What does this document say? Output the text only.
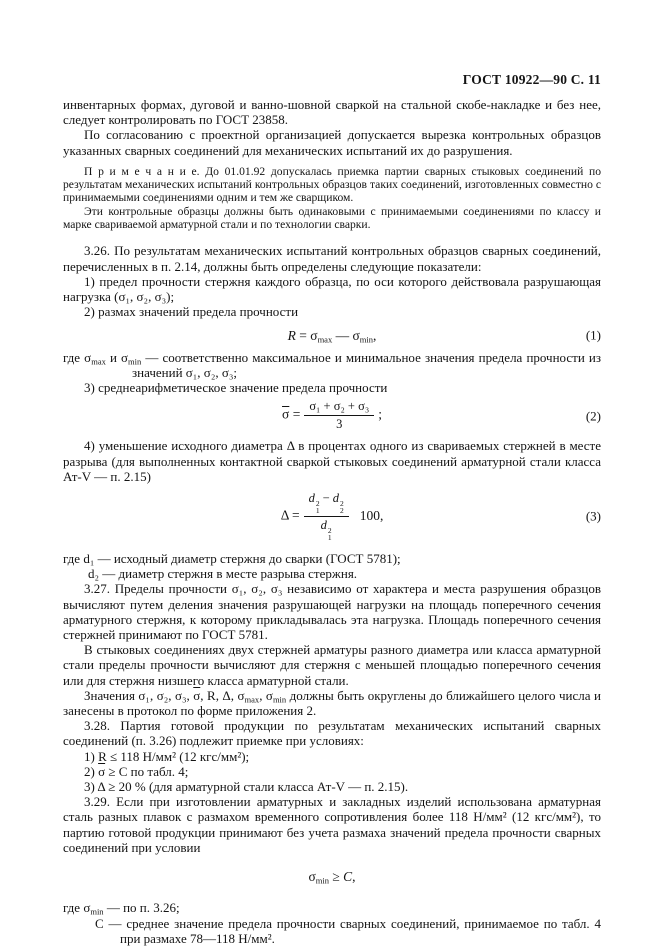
ГОСТ 10922—90 С. 11

инвентарных формах, дуговой и ванно-шовной сваркой на стальной скобе-накладке и без нее, следует контролировать по ГОСТ 23858.

По согласованию с проектной организацией допускается вырезка контрольных образцов указанных сварных соединений для механических испытаний их до разрушения.

П р и м е ч а н и е. До 01.01.92 допускалась приемка партии сварных стыковых соединений по результатам механических испытаний контрольных образцов таких соединений, изготовленных совместно с принимаемыми соединениями одним и тем же сварщиком.

Эти контрольные образцы должны быть одинаковыми с принимаемыми соединениями по классу и марке свариваемой арматурной стали и по технологии сварки.

3.26. По результатам механических испытаний контрольных образцов сварных соединений, перечисленных в п. 2.14, должны быть определены следующие показатели:

1) предел прочности стержня каждого образца, по оси которого действовала разрушающая нагрузка (σ₁, σ₂, σ₃);

2) размах значений предела прочности

$R = \sigma_{max}$ — $\sigma_{min}$,	(1)

где $\sigma_{max}$ и $\sigma_{min}$ — соответственно максимальное и минимальное значения предела прочности из значений σ₁, σ₂, σ₃;

3) среднеарифметическое значение предела прочности

$\overline{\sigma} = \frac{\text{σ₁ + σ₂ + σ₃}}{3}$ ;	(2)

4) уменьшение исходного диаметра Δ в процентах одного из свариваемых стержней в месте разрыва (для выполненных контактной сваркой стыковых соединений арматурной стали класса Ат-V — п. 2.15)

Δ = d 2
1
− d 2
2
d 2
1 100,	(3)

где d₁ — исходный диаметр стержня до сварки (ГОСТ 5781);

d₂ — диаметр стержня в месте разрыва стержня.

3.27. Пределы прочности σ₁, σ₂, σ₃ независимо от характера и места разрушения образцов вычисляют путем деления значения разрушающей нагрузки на площадь поперечного сечения арматурного стержня, к которому прикладывалась эта нагрузка. Площадь поперечного сечения стержней принимают по ГОСТ 5781.

В стыковых соединениях двух стержней арматуры разного диаметра или класса арматурной стали пределы прочности вычисляют для стержня с меньшей площадью поперечного сечения или для стержня низшего класса арматурной стали.

Значения σ₁, σ₂, σ₃, $\overline{\sigma}$, R, Δ, $\sigma_{max}$, $\sigma_{min}$ должны быть округлены до ближайшего целого числа и занесены в протокол по форме приложения 2.

3.28. Партия готовой продукции по результатам механических испытаний сварных соединений (п. 3.26) подлежит приемке при условиях:

1) R ≤ 118 Н/мм² (12 кгс/мм²);

2) $\overline{\sigma} \ge С$ по табл. 4;

3) Δ ≥ 20 % (для арматурной стали класса Ат-V — п. 2.15).

3.29. Если при изготовлении арматурных и закладных изделий использована арматурная сталь разных плавок с размахом временного сопротивления более 118 Н/мм² (12 кгс/мм²), то партию готовой продукции принимают без учета размаха значений предела прочности сварных соединений при условии

$\sigma_{min} \ge С$,

где $\sigma_{min}$ — по п. 3.26;

С — среднее значение предела прочности сварных соединений, принимаемое по табл. 4 при размахе 78—118 Н/мм².
